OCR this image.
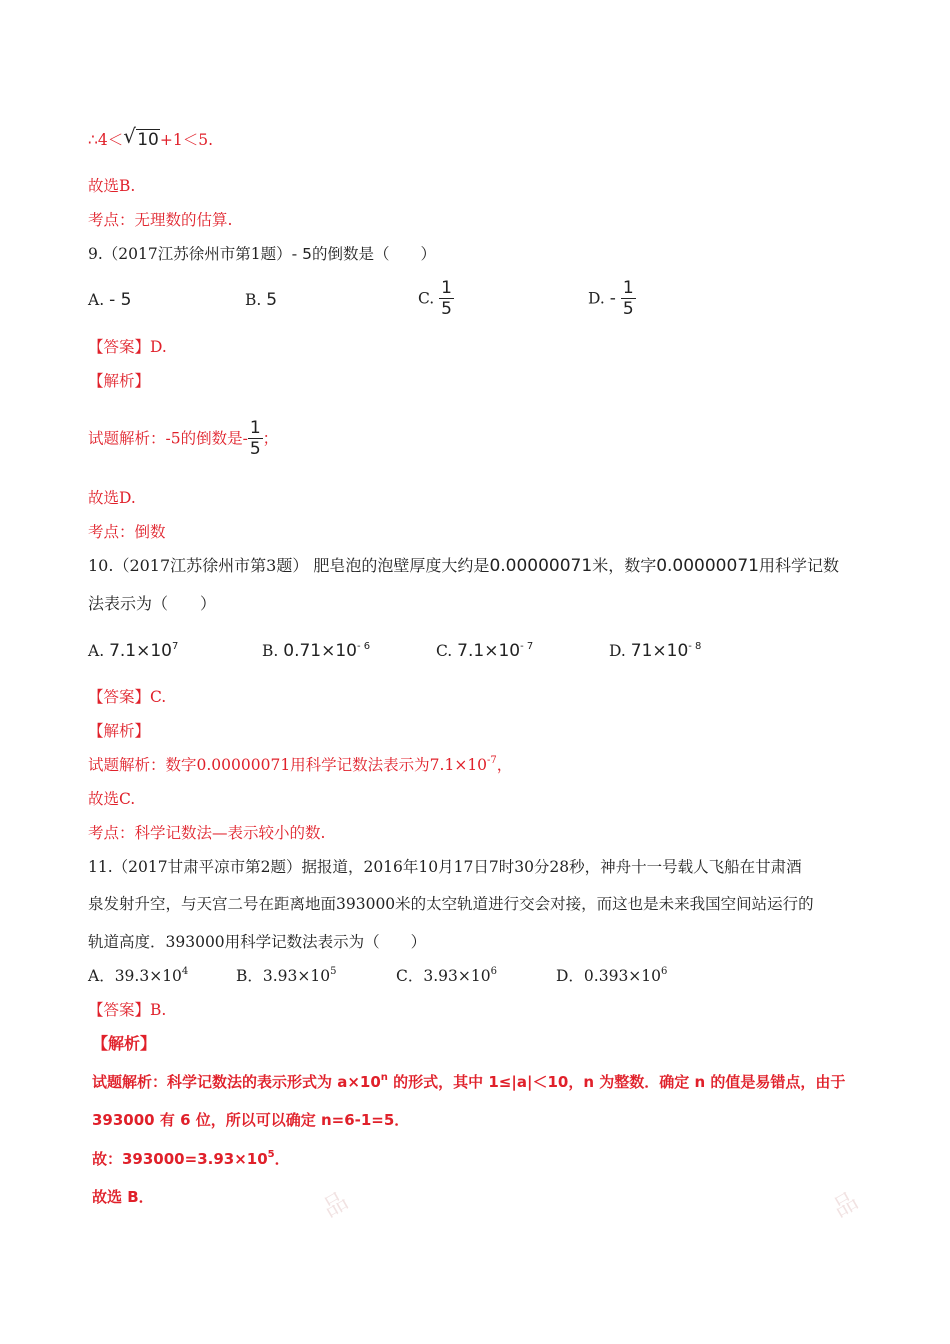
∴4＜ √ 10+1＜5.
故选B.
考点：无理数的估算.
9.（2017江苏徐州市第1题）- 5的倒数是（　　）
A. - 5	B. 5	C. $\frac{1}{5}$	D. - $\frac{1}{5}$
【答案】D.
【解析】
试题解析：-5的倒数是- $\frac{1}{5}$ ；
故选D.
考点：倒数
10.（2017江苏徐州市第3题） 肥皂泡的泡壁厚度大约是0.00000071米，数字0.00000071用科学记数
法表示为（　　）
A. $7.1\times 10^7$	B. $0.71\times 10^{- 6}$	C. $7.1\times 10^{- 7}$	D. $71\times 10^{- 8}$
【答案】C.
【解析】
试题解析：数字0.00000071用科学记数法表示为$7.1\times 10^{-7}$，
故选C.
考点：科学记数法—表示较小的数.
11.（2017甘肃平凉市第2题）据报道，2016年10月17日7时30分28秒，神舟十一号载人飞船在甘肃酒
泉发射升空，与天宫二号在距离地面393000米的太空轨道进行交会对接，而这也是未来我国空间站运行的
轨道高度．393000用科学记数法表示为（　　）
A．$39.3\times 10^4$	B．$3.93\times 10^5$	C．$3.93\times 10^6$	D．$0.393\times 10^6$
【答案】B.
【解析】
试题解析：科学记数法的表示形式为 $a\times 10^n$ 的形式，其中 1≤|a|＜10，n 为整数．确定 n 的值是易错点，由于
393000 有 6 位，所以可以确定 n=6-1=5．
故：$393000=3.93\times 10^5$．
故选 B．	品	品
